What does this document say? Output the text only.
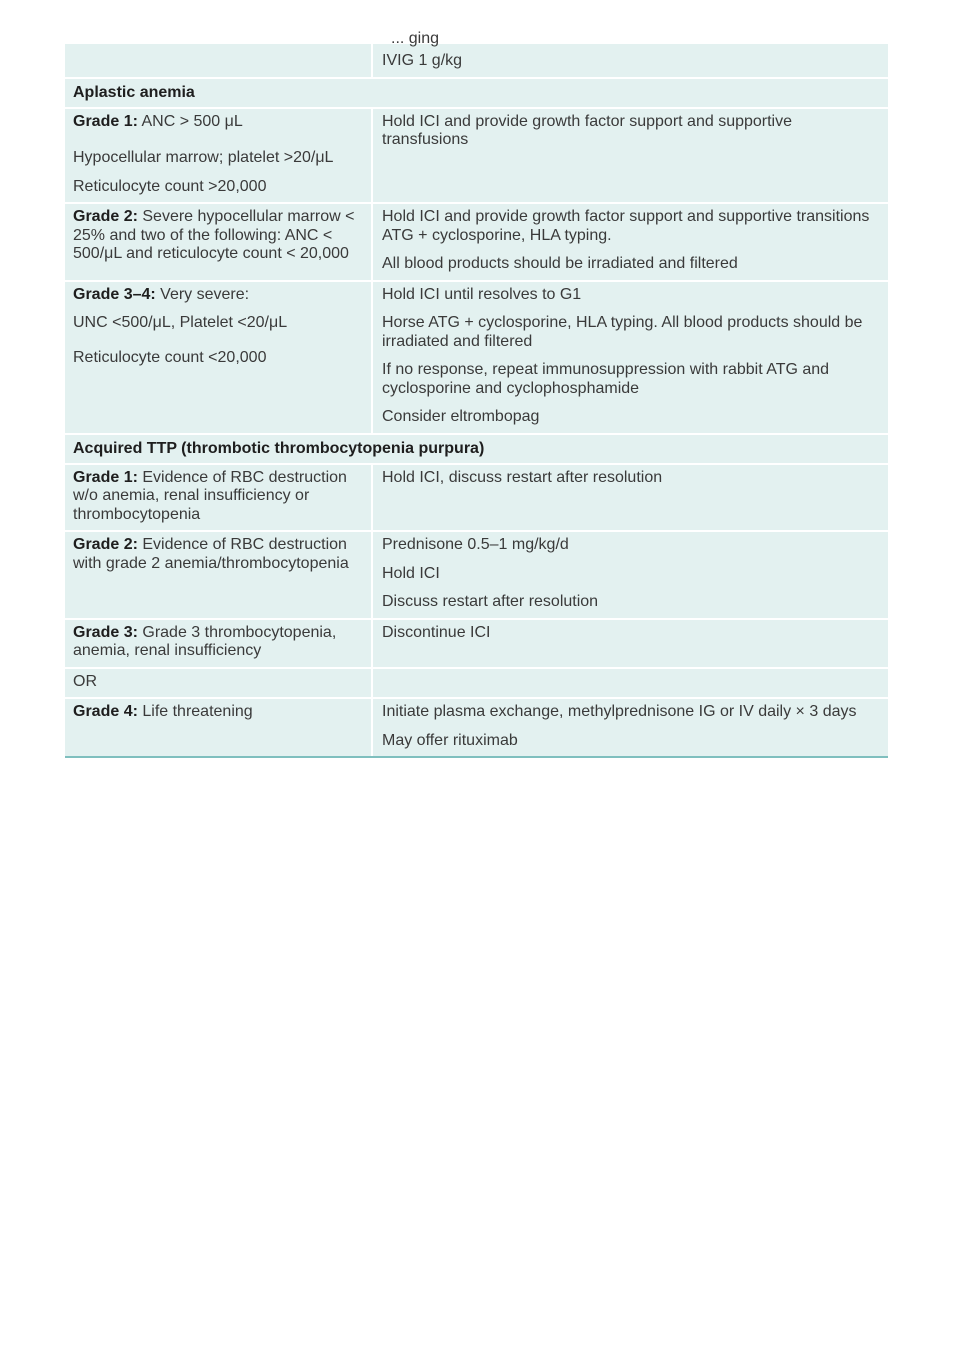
... ging

IVIG 1 g/kg

Aplastic anemia

Grade 1: ANC > 500 μL

Hypocellular marrow; platelet >20/μL

Reticulocyte count >20,000

Hold ICI and provide growth factor support and supportive transfusions

Grade 2: Severe hypocellular marrow < 25% and two of the following: ANC < 500/μL and reticulocyte count < 20,000

Hold ICI and provide growth factor support and supportive transitions ATG + cyclosporine, HLA typing.

All blood products should be irradiated and filtered

Grade 3–4: Very severe:

UNC <500/μL, Platelet <20/μL

Reticulocyte count <20,000

Hold ICI until resolves to G1

Horse ATG + cyclosporine, HLA typing. All blood products should be irradiated and filtered

If no response, repeat immunosuppression with rabbit ATG and cyclosporine and cyclophosphamide

Consider eltrombopag

Acquired TTP (thrombotic thrombocytopenia purpura)

Grade 1: Evidence of RBC destruction w/o anemia, renal insufficiency or thrombocytopenia

Hold ICI, discuss restart after resolution

Grade 2: Evidence of RBC destruction with grade 2 anemia/thrombocytopenia

Prednisone 0.5–1 mg/kg/d

Hold ICI

Discuss restart after resolution

Grade 3: Grade 3 thrombocytopenia, anemia, renal insufficiency

Discontinue ICI

OR

Grade 4: Life threatening	Initiate plasma exchange, methylprednisone IG or IV daily × 3 days

May offer rituximab
